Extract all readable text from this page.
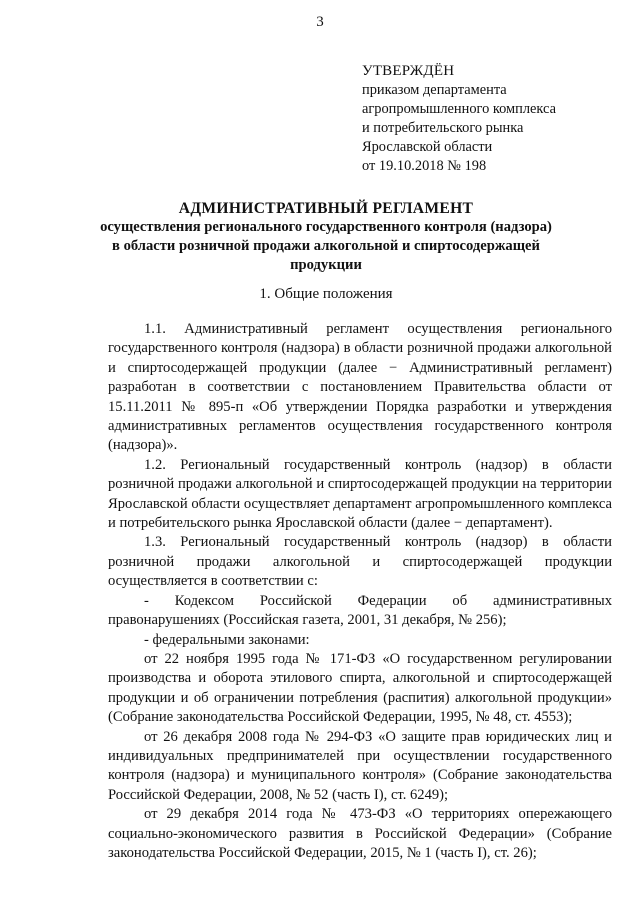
3
УТВЕРЖДЁН
приказом департамента
агропромышленного комплекса
и потребительского рынка
Ярославской области
от 19.10.2018 № 198
АДМИНИСТРАТИВНЫЙ РЕГЛАМЕНТ
осуществления регионального государственного контроля (надзора)
в области розничной продажи алкогольной и спиртосодержащей
продукции
1. Общие положения

1.1. Административный регламент осуществления регионального государственного контроля (надзора) в области розничной продажи алкогольной и спиртосодержащей продукции (далее − Административный регламент) разработан в соответствии с постановлением Правительства области от 15.11.2011 № 895-п «Об утверждении Порядка разработки и утверждения административных регламентов осуществления государственного контроля (надзора)».

1.2. Региональный государственный контроль (надзор) в области розничной продажи алкогольной и спиртосодержащей продукции на территории Ярославской области осуществляет департамент агропромышленного комплекса и потребительского рынка Ярославской области (далее − департамент).

1.3. Региональный государственный контроль (надзор) в области розничной продажи алкогольной и спиртосодержащей продукции осуществляется в соответствии с:

- Кодексом Российской Федерации об административных правонарушениях (Российская газета, 2001, 31 декабря, № 256);

- федеральными законами:

от 22 ноября 1995 года № 171-ФЗ «О государственном регулировании производства и оборота этилового спирта, алкогольной и спиртосодержащей продукции и об ограничении потребления (распития) алкогольной продукции» (Собрание законодательства Российской Федерации, 1995, № 48, ст. 4553);

от 26 декабря 2008 года № 294-ФЗ «О защите прав юридических лиц и индивидуальных предпринимателей при осуществлении государственного контроля (надзора) и муниципального контроля» (Собрание законодательства Российской Федерации, 2008, № 52 (часть I), ст. 6249);

от 29 декабря 2014 года № 473-ФЗ «О территориях опережающего социально-экономического развития в Российской Федерации» (Собрание законодательства Российской Федерации, 2015, № 1 (часть I), ст. 26);
